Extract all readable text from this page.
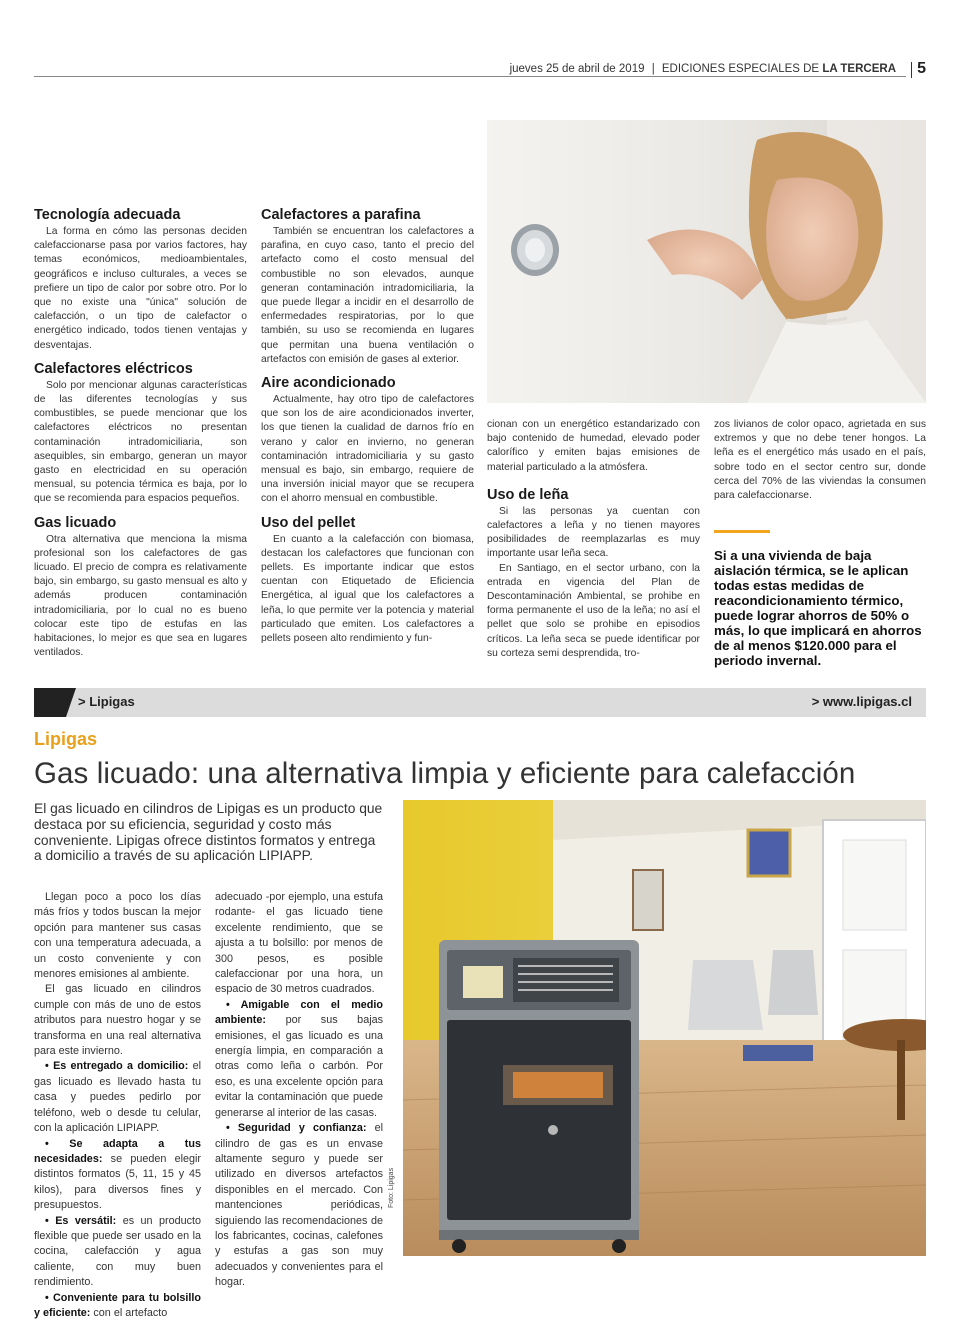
jueves 25 de abril de 2019 | EDICIONES ESPECIALES DE LA TERCERA 5
Tecnología adecuada

La forma en cómo las personas deciden calefaccionarse pasa por varios factores, hay temas económicos, medioambientales, geográficos e incluso culturales, a veces se prefiere un tipo de calor por sobre otro. Por lo que no existe una "única" solución de calefacción, o un tipo de calefactor o energético indicado, todos tienen ventajas y desventajas.

Calefactores eléctricos

Solo por mencionar algunas características de las diferentes tecnologías y sus combustibles, se puede mencionar que los calefactores eléctricos no presentan contaminación intradomiciliaria, son asequibles, sin embargo, generan un mayor gasto en electricidad en su operación mensual, su potencia térmica es baja, por lo que se recomienda para espacios pequeños.

Gas licuado

Otra alternativa que menciona la misma profesional son los calefactores de gas licuado. El precio de compra es relativamente bajo, sin embargo, su gasto mensual es alto y además producen contaminación intradomiciliaria, por lo cual no es bueno colocar este tipo de estufas en las habitaciones, lo mejor es que sea en lugares ventilados.

Calefactores a parafina

También se encuentran los calefactores a parafina, en cuyo caso, tanto el precio del artefacto como el costo mensual del combustible no son elevados, aunque generan contaminación intradomiciliaria, la que puede llegar a incidir en el desarrollo de enfermedades respiratorias, por lo que también, su uso se recomienda en lugares que permitan una buena ventilación o artefactos con emisión de gases al exterior.

Aire acondicionado

Actualmente, hay otro tipo de calefactores que son los de aire acondicionados inverter, los que tienen la cualidad de darnos frío en verano y calor en invierno, no generan contaminación intradomiciliaria y su gasto mensual es bajo, sin embargo, requiere de una inversión inicial mayor que se recupera con el ahorro mensual en combustible.

Uso del pellet

En cuanto a la calefacción con biomasa, destacan los calefactores que funcionan con pellets. Es importante indicar que estos cuentan con Etiquetado de Eficiencia Energética, al igual que los calefactores a leña, lo que permite ver la potencia y material particulado que emiten. Los calefactores a pellets poseen alto rendimiento y fun-

cionan con un energético estandarizado con bajo contenido de humedad, elevado poder calorífico y emiten bajas emisiones de material particulado a la atmósfera.

Uso de leña

Si las personas ya cuentan con calefactores a leña y no tienen mayores posibilidades de reemplazarlas es muy importante usar leña seca.

En Santiago, en el sector urbano, con la entrada en vigencia del Plan de Descontaminación Ambiental, se prohibe en forma permanente el uso de la leña; no así el pellet que solo se prohibe en episodios críticos. La leña seca se puede identificar por su corteza semi desprendida, tro-

zos livianos de color opaco, agrietada en sus extremos y que no debe tener hongos. La leña es el energético más usado en el país, sobre todo en el sector centro sur, donde cerca del 70% de las viviendas la consumen para calefaccionarse.

Si a una vivienda de baja aislación térmica, se le aplican todas estas medidas de reacondicionamiento térmico, puede lograr ahorros de 50% o más, lo que implicará en ahorros de al menos $120.000 para el periodo invernal.
> Lipigas	> www.lipigas.cl
Lipigas
Gas licuado: una alternativa limpia y eficiente para calefacción
El gas licuado en cilindros de Lipigas es un producto que destaca por su eficiencia, seguridad y costo más conveniente. Lipigas ofrece distintos formatos y entrega a domicilio a través de su aplicación LIPIAPP.

Llegan poco a poco los días más fríos y todos buscan la mejor opción para mantener sus casas con una temperatura adecuada, a un costo conveniente y con menores emisiones al ambiente.

El gas licuado en cilindros cumple con más de uno de estos atributos para nuestro hogar y se transforma en una real alternativa para este invierno.

• Es entregado a domicilio: el gas licuado es llevado hasta tu casa y puedes pedirlo por teléfono, web o desde tu celular, con la aplicación LIPIAPP.

• Se adapta a tus necesidades: se pueden elegir distintos formatos (5, 11, 15 y 45 kilos), para diversos fines y presupuestos.

• Es versátil: es un producto flexible que puede ser usado en la cocina, calefacción y agua caliente, con muy buen rendimiento.

• Conveniente para tu bolsillo y eficiente: con el artefacto

adecuado -por ejemplo, una estufa rodante- el gas licuado tiene excelente rendimiento, que se ajusta a tu bolsillo: por menos de 300 pesos, es posible calefaccionar por una hora, un espacio de 30 metros cuadrados.

• Amigable con el medio ambiente: por sus bajas emisiones, el gas licuado es una energía limpia, en comparación a otras como leña o carbón. Por eso, es una excelente opción para evitar la contaminación que puede generarse al interior de las casas.

• Seguridad y confianza: el cilindro de gas es un envase altamente seguro y puede ser utilizado en diversos artefactos disponibles en el mercado. Con mantenciones periódicas, siguiendo las recomendaciones de los fabricantes, cocinas, calefones y estufas a gas son muy adecuados y convenientes para el hogar.

Foto: Lipigas
